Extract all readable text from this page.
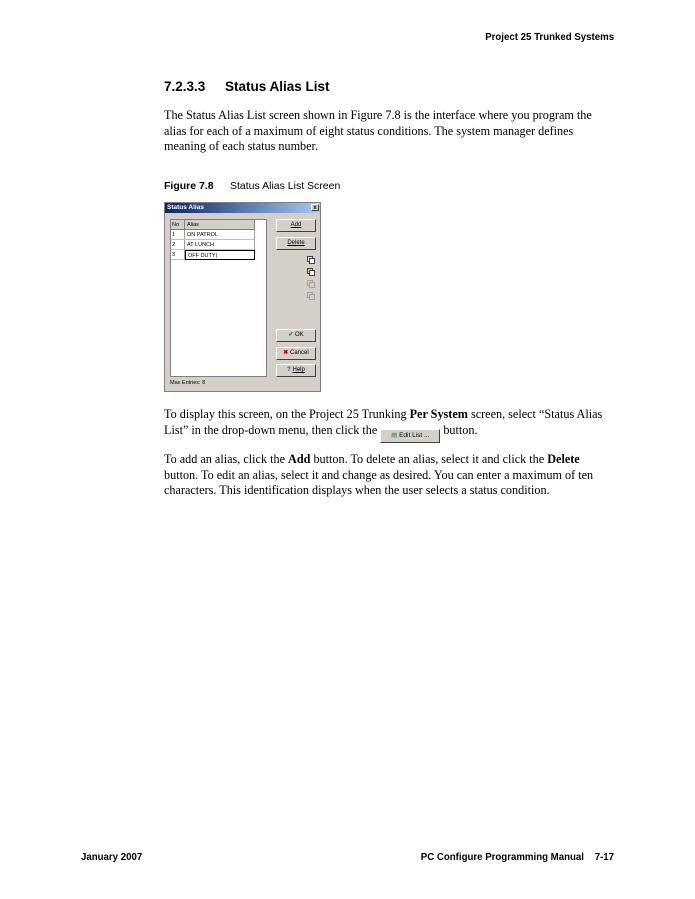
Project 25 Trunked Systems
7.2.3.3 Status Alias List
The Status Alias List screen shown in Figure 7.8 is the interface where you program the alias for each of a maximum of eight status conditions. The system manager defines meaning of each status number.
Figure 7.8 Status Alias List Screen
Status Alias	x
No	Alias
1	ON PATROL
2	AT LUNCH
3	OFF DUTY|
Add
Delete
✔ OK
✖ Cancel
? Help
Max Entries: 8
To display this screen, on the Project 25 Trunking Per System screen, select “Status Alias List” in the drop-down menu, then click the ▤ Edit List ... button.
To add an alias, click the Add button. To delete an alias, select it and click the Delete button. To edit an alias, select it and change as desired. You can enter a maximum of ten characters. This identification displays when the user selects a status condition.
January 2007	PC Configure Programming Manual    7-17
